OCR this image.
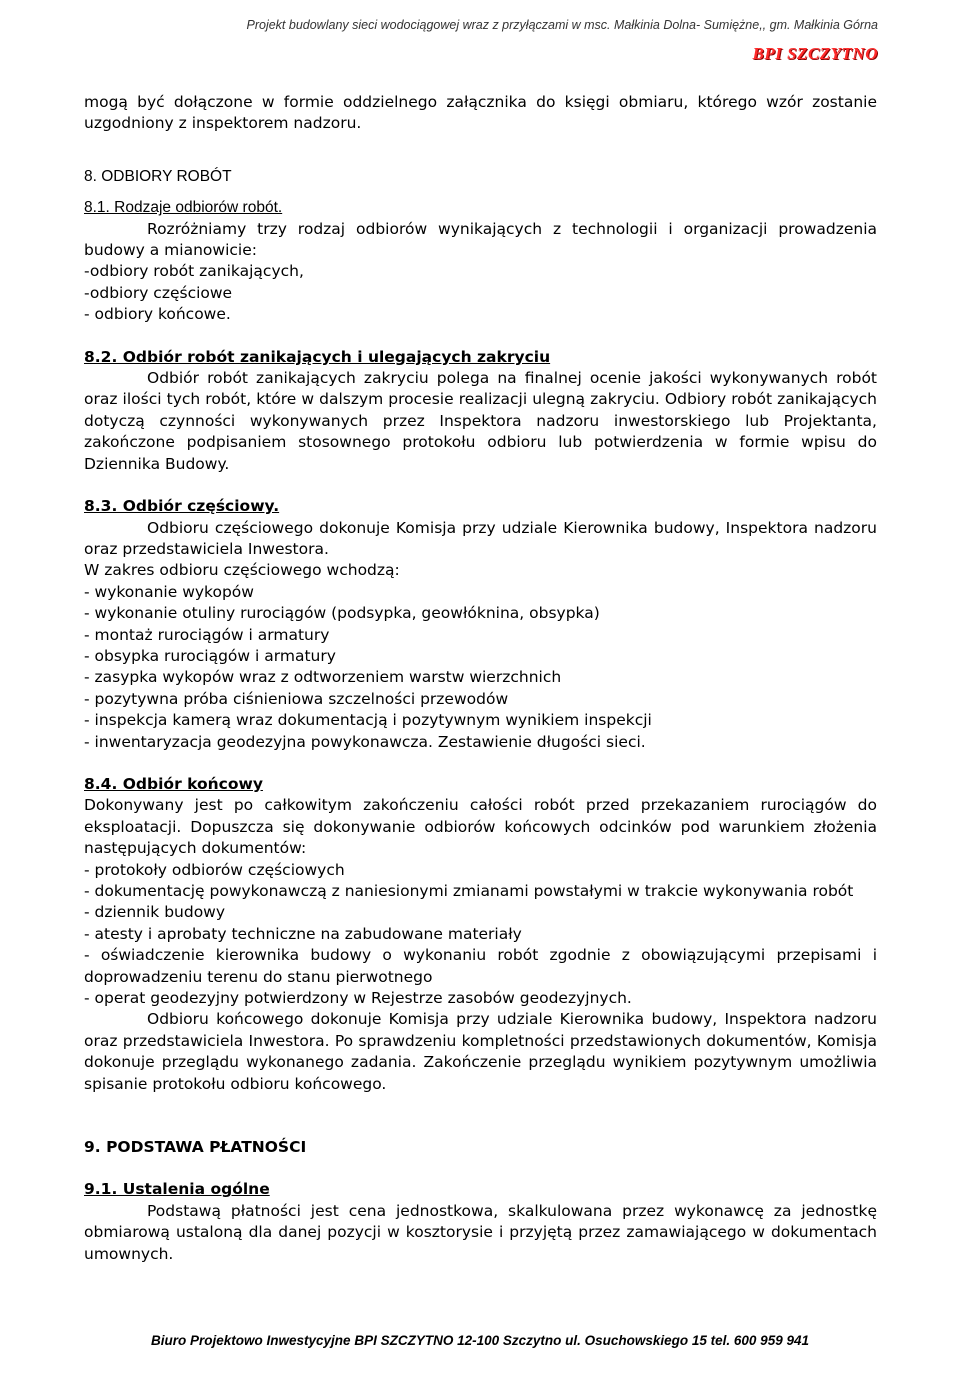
Projekt budowlany sieci wodociągowej wraz z przyłączami w msc. Małkinia Dolna- Sumiężne,, gm. Małkinia Górna
BPI SZCZYTNO

mogą być dołączone w formie oddzielnego załącznika do księgi obmiaru, którego wzór zostanie uzgodniony z inspektorem nadzoru.

8. ODBIORY ROBÓT

8.1. Rodzaje odbiorów robót.

Rozróżniamy trzy rodzaj odbiorów wynikających z technologii i organizacji prowadzenia budowy a mianowicie:

-odbiory robót zanikających,

-odbiory częściowe

- odbiory końcowe.

8.2. Odbiór robót zanikających i ulegających zakryciu

Odbiór robót zanikających zakryciu polega na finalnej ocenie jakości wykonywanych robót oraz ilości tych robót, które w dalszym procesie realizacji ulegną zakryciu. Odbiory robót zanikających dotyczą czynności wykonywanych przez Inspektora nadzoru inwestorskiego lub Projektanta, zakończone podpisaniem stosownego protokołu odbioru lub potwierdzenia w formie wpisu do Dziennika Budowy.

8.3. Odbiór częściowy.

Odbioru częściowego dokonuje Komisja przy udziale Kierownika budowy, Inspektora nadzoru oraz przedstawiciela Inwestora.

W zakres odbioru częściowego wchodzą:

- wykonanie wykopów

- wykonanie otuliny rurociągów (podsypka, geowłóknina, obsypka)

- montaż rurociągów i armatury

- obsypka rurociągów i armatury

- zasypka wykopów wraz z odtworzeniem warstw wierzchnich

- pozytywna próba ciśnieniowa szczelności przewodów

- inspekcja kamerą wraz dokumentacją i pozytywnym wynikiem inspekcji

- inwentaryzacja geodezyjna powykonawcza. Zestawienie długości sieci.

8.4. Odbiór końcowy

Dokonywany jest po całkowitym zakończeniu całości robót przed przekazaniem rurociągów do eksploatacji. Dopuszcza się dokonywanie odbiorów końcowych odcinków pod warunkiem złożenia następujących dokumentów:

- protokoły odbiorów częściowych

- dokumentację powykonawczą z naniesionymi zmianami powstałymi w trakcie wykonywania robót

- dziennik budowy

- atesty i aprobaty techniczne na zabudowane materiały

- oświadczenie kierownika budowy o wykonaniu robót zgodnie z obowiązującymi przepisami i doprowadzeniu terenu do stanu pierwotnego

- operat geodezyjny potwierdzony w Rejestrze zasobów geodezyjnych.

Odbioru końcowego dokonuje Komisja przy udziale Kierownika budowy, Inspektora nadzoru oraz przedstawiciela Inwestora. Po sprawdzeniu kompletności przedstawionych dokumentów, Komisja dokonuje przeglądu wykonanego zadania. Zakończenie przeglądu wynikiem pozytywnym umożliwia spisanie protokołu odbioru końcowego.

9. PODSTAWA PŁATNOŚCI

9.1. Ustalenia ogólne

Podstawą płatności jest cena jednostkowa, skalkulowana przez wykonawcę za jednostkę obmiarową ustaloną dla danej pozycji w kosztorysie i przyjętą przez zamawiającego w dokumentach umownych.

Biuro Projektowo Inwestycyjne BPI SZCZYTNO 12-100 Szczytno ul. Osuchowskiego 15 tel. 600 959 941
